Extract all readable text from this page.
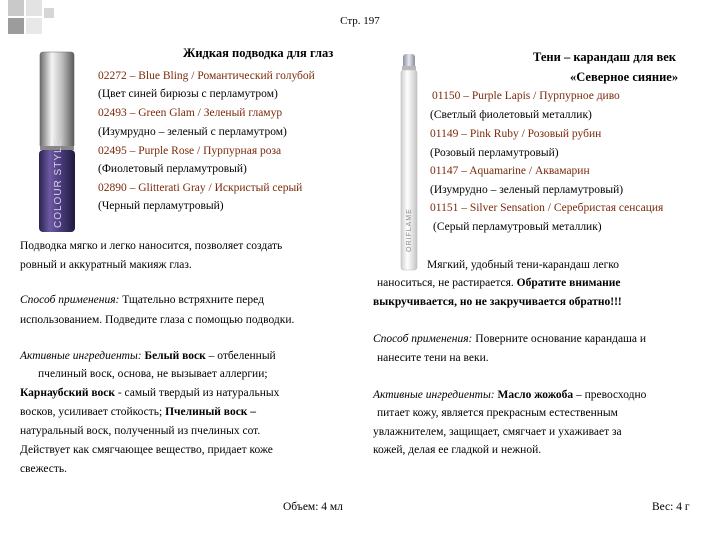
Стр. 197
COLOUR STYLE
Жидкая подводка для глаз
02272 – Blue Bling / Романтический голубой
(Цвет синей бирюзы с перламутром)
02493 – Green Glam / Зеленый гламур
(Изумрудно – зеленый с перламутром)
02495 – Purple Rose / Пурпурная роза
(Фиолетовый перламутровый)
02890 – Glitterati Gray / Искристый серый
(Черный перламутровый)
Подводка мягко и легко наносится, позволяет создать
ровный и аккуратный макияж глаз.
Способ применения: Тщательно встряхните перед
использованием. Подведите глаза с помощью подводки.
Активные ингредиенты: Белый воск – отбеленный
пчелиный воск, основа, не вызывает аллергии;
Карнаубский воск - самый твердый из натуральных
восков, усиливает стойкость; Пчелиный воск –
натуральный воск, полученный из пчелиных сот.
Действует как смягчающее вещество, придает коже
свежесть.
Объем: 4 мл
ORIFLAME
Тени – карандаш для век
«Северное сияние»
01150 – Purple Lapis / Пурпурное диво
(Светлый фиолетовый металлик)
01149 – Pink Ruby / Розовый рубин
(Розовый перламутровый)
01147 – Aquamarine / Аквамарин
(Изумрудно – зеленый перламутровый)
01151 – Silver Sensation / Серебристая сенсация
(Серый перламутровый металлик)
Мягкий, удобный тени-карандаш легко
наноситься, не растирается. Обратите внимание
выкручивается, но не закручивается обратно!!!
Способ применения: Поверните основание карандаша и
нанесите тени на веки.
Активные ингредиенты: Масло жожоба – превосходно
питает кожу, является прекрасным естественным
увлажнителем, защищает, смягчает и ухаживает за
кожей, делая ее гладкой и нежной.
Вес: 4 г
